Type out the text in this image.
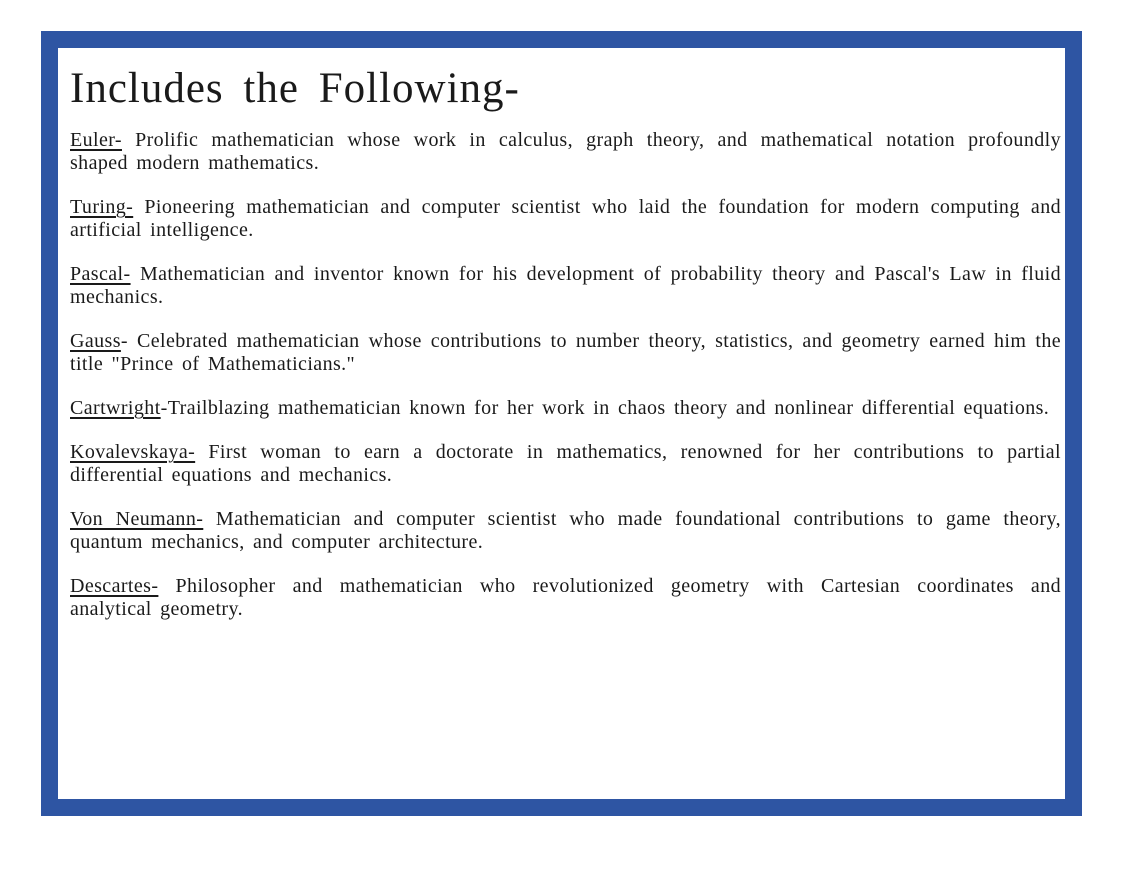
Includes the Following-

Euler- Prolific mathematician whose work in calculus, graph theory, and mathematical notation profoundly shaped modern mathematics.

Turing- Pioneering mathematician and computer scientist who laid the foundation for modern computing and artificial intelligence.

Pascal- Mathematician and inventor known for his development of probability theory and Pascal's Law in fluid mechanics.

Gauss- Celebrated mathematician whose contributions to number theory, statistics, and geometry earned him the title "Prince of Mathematicians."

Cartwright-Trailblazing mathematician known for her work in chaos theory and nonlinear differential equations.

Kovalevskaya- First woman to earn a doctorate in mathematics, renowned for her contributions to partial differential equations and mechanics.

Von Neumann- Mathematician and computer scientist who made foundational contributions to game theory, quantum mechanics, and computer architecture.

Descartes- Philosopher and mathematician who revolutionized geometry with Cartesian coordinates and analytical geometry.
